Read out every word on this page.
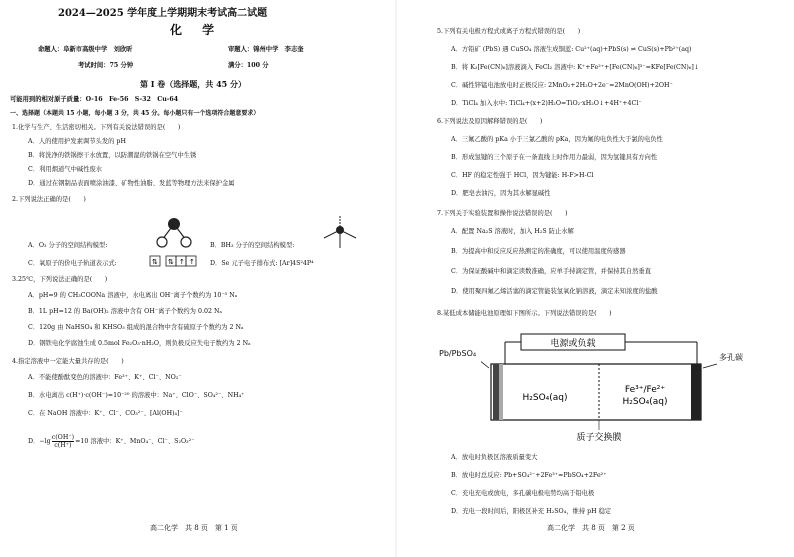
2024—2025 学年度上学期期末考试高二试题
化 学
命题人：阜新市高级中学　刘欣昕	审题人：锦州中学　李志奎
考试时间：75 分钟	满分：100 分
第 Ⅰ 卷（选择题，共 45 分）
可能用到的相对原子质量：O-16　Fe-56　S-32　Cu-64
一、选择题（本题共 15 小题，每小题 3 分，共 45 分。每小题只有一个选项符合题意要求）
1.化学与生产、生活密切相关。下列有关说法错误的是(　　)
A．人的使用护发素调节头发的 pH
B．将洗净的铁锅擦干水放置，以防潮湿的铁锅在空气中生锈
C．利用烟道气中碱性废水
D．通过在钢制品表面喷涂油漆、矿物性油脂、发蓝等物理方法来保护金属
2.下列说法正确的是(　　)
A．O₃ 分子的空间结构模型:	B．BH₃ 分子的空间结构模型:
C．氧原子的价电子轨道表示式:	⇅ ⇅ ↑ ↑ D．Se 元子电子排布式: [Ar]4S²4P⁴
3.25℃，下列说法正确的是(　　)
A．pH=9 的 CH₃COONa 溶液中，水电离出 OH⁻离子个数约为 10⁻⁵ Nₐ
B．1L pH=12 的 Ba(OH)₂ 溶液中含有 OH⁻离子个数约为 0.02 Nₐ
C．120g 由 NaHSO₄ 和 KHSO₃ 组成的混合物中含有硫原子个数约为 2 Nₐ
D．钢铁电化学腐蚀生成 0.5mol Fe₂O₃·nH₂O，则负极反应失电子数约为 2 Nₐ
4.指定溶液中一定能大量共存的是(　　)
A．不能使酚酞变色的溶液中：Fe³⁺、K⁺、Cl⁻、NO₃⁻
B．水电离出 c(H⁺)·c(OH⁻)=10⁻²⁰ 的溶液中：Na⁺、ClO⁻、SO₄²⁻、NH₄⁺
C．在 NaOH 溶液中：K⁺、Cl⁻、CO₃²⁻、[Al(OH)₄]⁻
D．$-\lg \frac{c(OH^-)}{c(H^+)} =10$ 溶液中：K⁺、MnO₄⁻、Cl⁻、S₂O₃²⁻
高二化学　共 8 页　第 1 页
5.下列有关电极方程式或离子方程式错误的是(　　)
A．方铅矿 (PbS) 遇 CuSO₄ 溶液生成铜蓝: Cu²⁺(aq)+PbS(s) ⇌ CuS(s)+Pb²⁺(aq)
B．将 K₃[Fe(CN)₆]溶液滴入 FeCl₂ 溶液中: K⁺+Fe²⁺+[Fe(CN)₆]³⁻=KFe[Fe(CN)₆]↓
C．碱性锌锰电池放电时正极反应: 2MnO₂+2H₂O+2e⁻=2MnO(OH)+2OH⁻
D．TiCl₄ 加入水中: TiCl₄+(x+2)H₂O=TiO₂·xH₂O↓+4H⁺+4Cl⁻
6.下列说法及原因解释错误的是(　　)
A．三氟乙酸的 pKa 小于三氯乙酸的 pKa，因为氟的电负性大于氯的电负性
B．形成氢键的三个原子在一条直线上时作用力最弱，因为氢键具有方向性
C．HF 的稳定性强于 HCl，因为键能: H-F>H-Cl
D．肥皂去油污，因为其水解显碱性
7.下列关于实验装置和操作说法错误的是(　　)
A．配置 Na₂S 溶液时，加入 H₂S 防止水解
B．为提高中和反应反应热测定的准确度，可以使用温度传感器
C．为保证酸碱中和滴定读数准确，应单手持滴定管，并保持其自然垂直
D．使用聚四氟乙烯活塞的滴定管能装氢氧化钠溶液，滴定未知浓度的盐酸
8.某低成本储能电池原理如下图所示。下列说法错误的是(　　)
电源或负载
H₂SO₄(aq)
Fe³⁺/Fe²⁺
H₂SO₄(aq)
质子交换膜
Pb/PbSO₄	多孔碳
A．放电时负极区溶液质量变大
B．放电时总反应: Pb+SO₄²⁻+2Fe³⁺=PbSO₄+2Fe²⁺
C．充电充电或放电，多孔碳电极电势均高于铅电极
D．充电一段时间后，阳极区补充 H₂SO₄，维持 pH 稳定
高二化学　共 8 页　第 2 页
